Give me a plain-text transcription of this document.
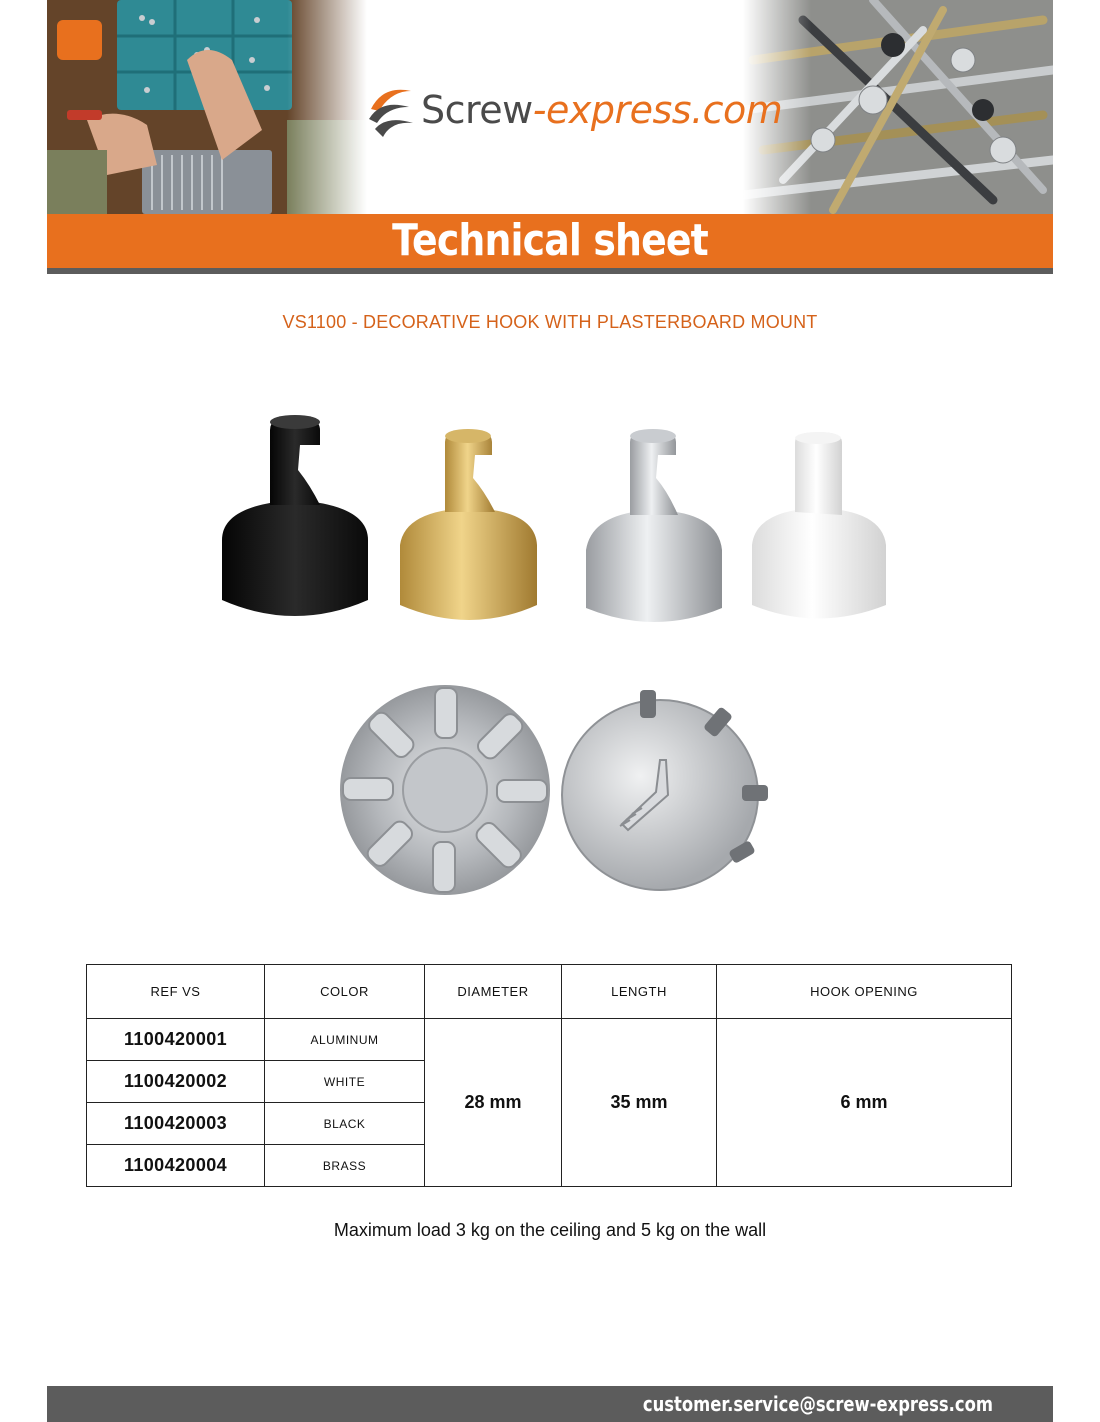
Screw-express.com
Technical sheet
VS1100 - DECORATIVE HOOK WITH PLASTERBOARD MOUNT
REF VS	COLOR	DIAMETER	LENGTH	HOOK OPENING
1100420001	ALUMINUM	28 mm	35 mm	6 mm
1100420002	WHITE			
1100420003	BLACK			
1100420004	BRASS			
Maximum load 3 kg on the ceiling and 5 kg on the wall
customer.service@screw-express.com
